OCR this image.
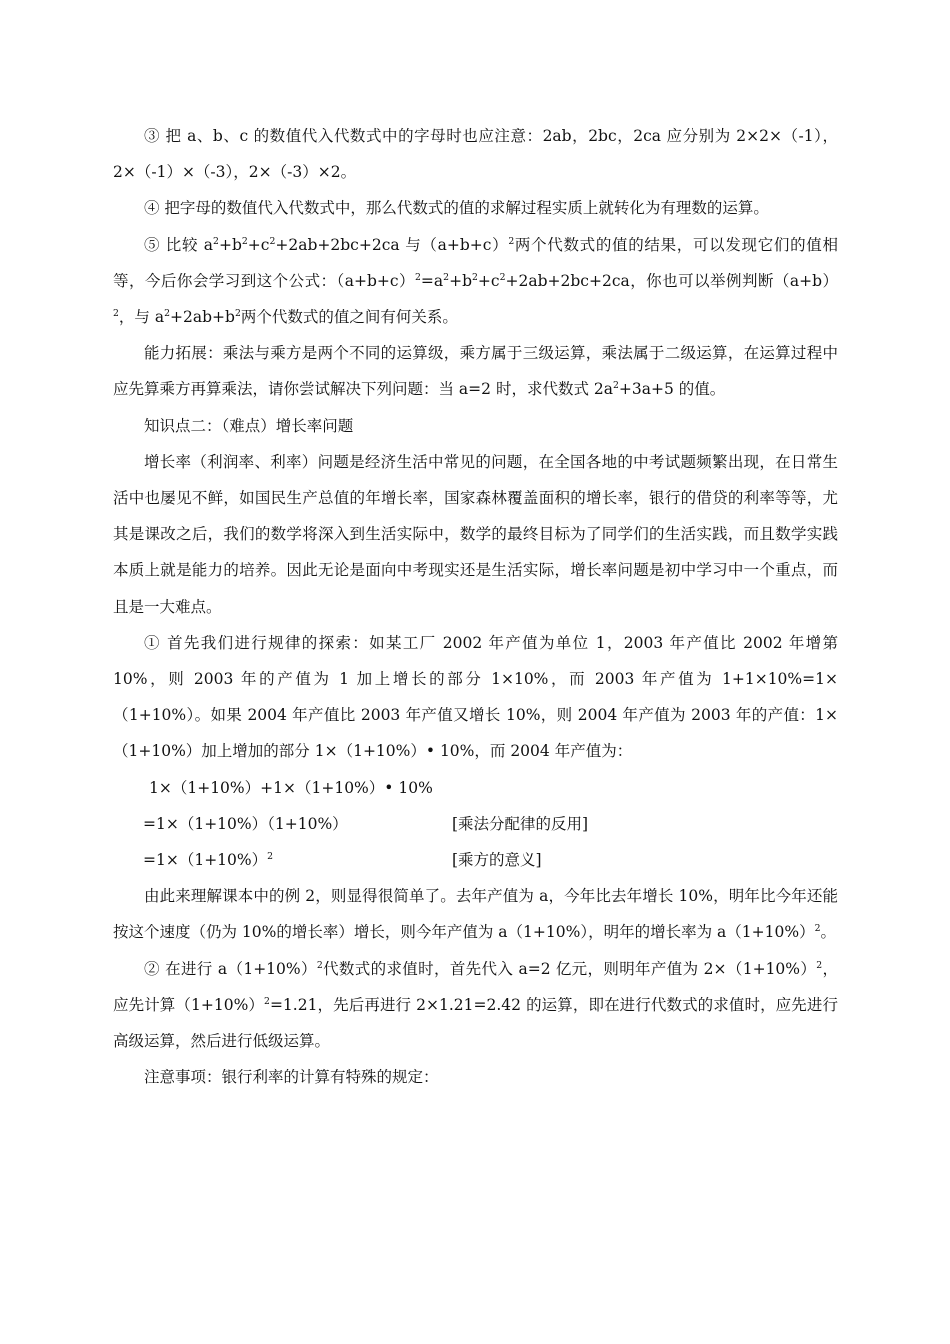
③ 把 a、b、c 的数值代入代数式中的字母时也应注意：2ab，2bc，2ca 应分别为 2×2×（-1），2×（-1）×（-3），2×（-3）×2。

④ 把字母的数值代入代数式中，那么代数式的值的求解过程实质上就转化为有理数的运算。

⑤ 比较 $a^2+b^2+c^2+2ab+2bc+2ca$ 与$(a+b+c)^2$两个代数式的值的结果，可以发现它们的值相等，今后你会学习到这个公式：$(a+b+c)^2=a^2+b^2+c^2+2ab+2bc+2ca$，你也可以举例判断$(a+b)^2$，与 $a^2+2ab+b^2$两个代数式的值之间有何关系。

能力拓展：乘法与乘方是两个不同的运算级，乘方属于三级运算，乘法属于二级运算，在运算过程中应先算乘方再算乘法，请你尝试解决下列问题：当 a=2 时，求代数式 $2a^2+3a+5$ 的值。

知识点二：（难点）增长率问题

增长率（利润率、利率）问题是经济生活中常见的问题，在全国各地的中考试题频繁出现，在日常生活中也屡见不鲜，如国民生产总值的年增长率，国家森林覆盖面积的增长率，银行的借贷的利率等等，尤其是课改之后，我们的数学将深入到生活实际中，数学的最终目标为了同学们的生活实践，而且数学实践本质上就是能力的培养。因此无论是面向中考现实还是生活实际，增长率问题是初中学习中一个重点，而且是一大难点。

① 首先我们进行规律的探索：如某工厂 2002 年产值为单位 1，2003 年产值比 2002 年增第 10%，则 2003 年的产值为 1 加上增长的部分 1×10%，而 2003 年产值为 1+1×10%=1×（1+10%）。如果 2004 年产值比 2003 年产值又增长 10%，则 2004 年产值为 2003 年的产值：1×（1+10%）加上增加的部分 1×（1+10%）• 10%，而 2004 年产值为：

1×（1+10%）+1×（1+10%）• 10%
=1×（1+10%）（1+10%）	[乘法分配律的反用]
$=1\times(1+10\%)^2$	[乘方的意义]

由此来理解课本中的例 2，则显得很简单了。去年产值为 a，今年比去年增长 10%，明年比今年还能按这个速度（仍为 10%的增长率）增长，则今年产值为 a（1+10%），明年的增长率为 $a(1+10\%)^2$。

② 在进行 $a(1+10\%)^2$代数式的求值时，首先代入 a=2 亿元，则明年产值为 $2\times(1+10\%)^2$，应先计算$(1+10\%)^2=1.21$，先后再进行 2×1.21=2.42 的运算，即在进行代数式的求值时，应先进行高级运算，然后进行低级运算。

注意事项：银行利率的计算有特殊的规定：
